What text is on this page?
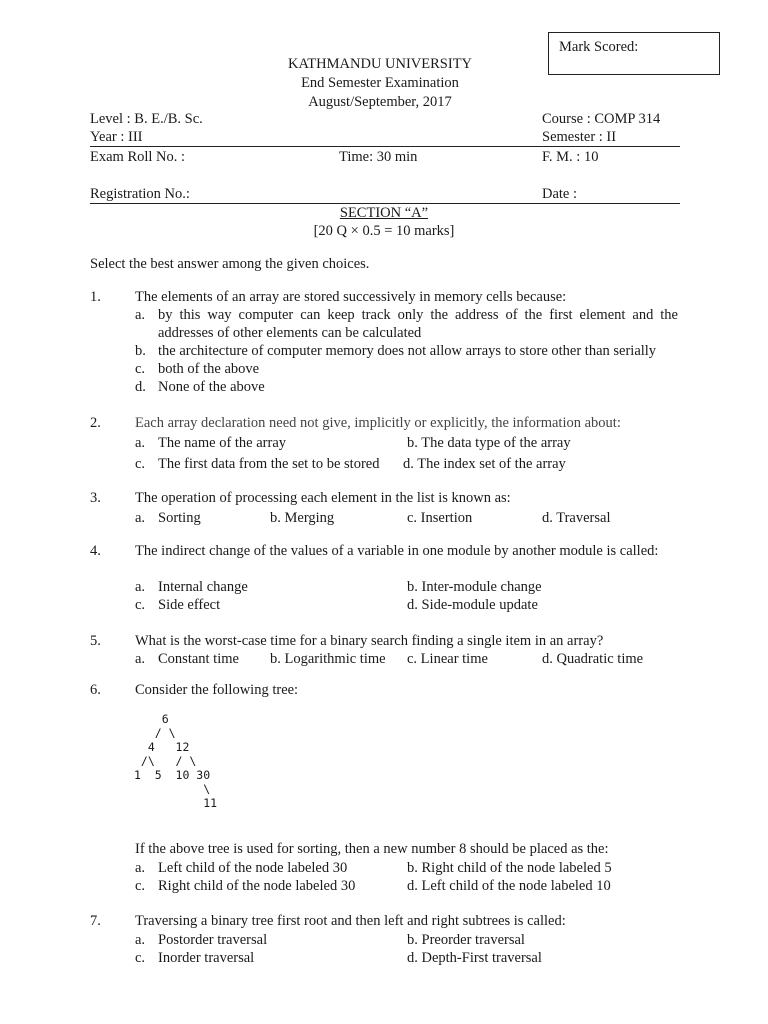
Mark Scored:
KATHMANDU UNIVERSITY
End Semester Examination
August/September, 2017
Level : B. E./B. Sc.	Course : COMP 314
Year : III	Semester : II
Exam Roll No. :	Time: 30 min	F. M. : 10
Registration No.:	Date :
SECTION “A”
[20 Q × 0.5 = 10 marks]
Select the best answer among the given choices.
1. The elements of an array are stored successively in memory cells because:
a. by this way computer can keep track only the address of the first element and the addresses of other elements can be calculated
b. the architecture of computer memory does not allow arrays to store other than serially
c. both of the above
d. None of the above
2. Each array declaration need not give, implicitly or explicitly, the information about:
a. The name of the array	b. The data type of the array
c. The first data from the set to be stored d. The index set of the array
3. The operation of processing each element in the list is known as:
a. Sorting	b. Merging	c. Insertion	d. Traversal
4. The indirect change of the values of a variable in one module by another module is called:
a. Internal change	b. Inter-module change
c. Side effect	d. Side-module update
5. What is the worst-case time for a binary search finding a single item in an array?
a. Constant time b. Logarithmic time c. Linear time	d. Quadratic time
6. Consider the following tree:
6
/ \
4   12
/\   / \
1  5  10 30
\
11
If the above tree is used for sorting, then a new number 8 should be placed as the:
a. Left child of the node labeled 30	b. Right child of the node labeled 5
c. Right child of the node labeled 30	d. Left child of the node labeled 10
7. Traversing a binary tree first root and then left and right subtrees is called:
a. Postorder traversal	b. Preorder traversal
c. Inorder traversal	d. Depth-First traversal
